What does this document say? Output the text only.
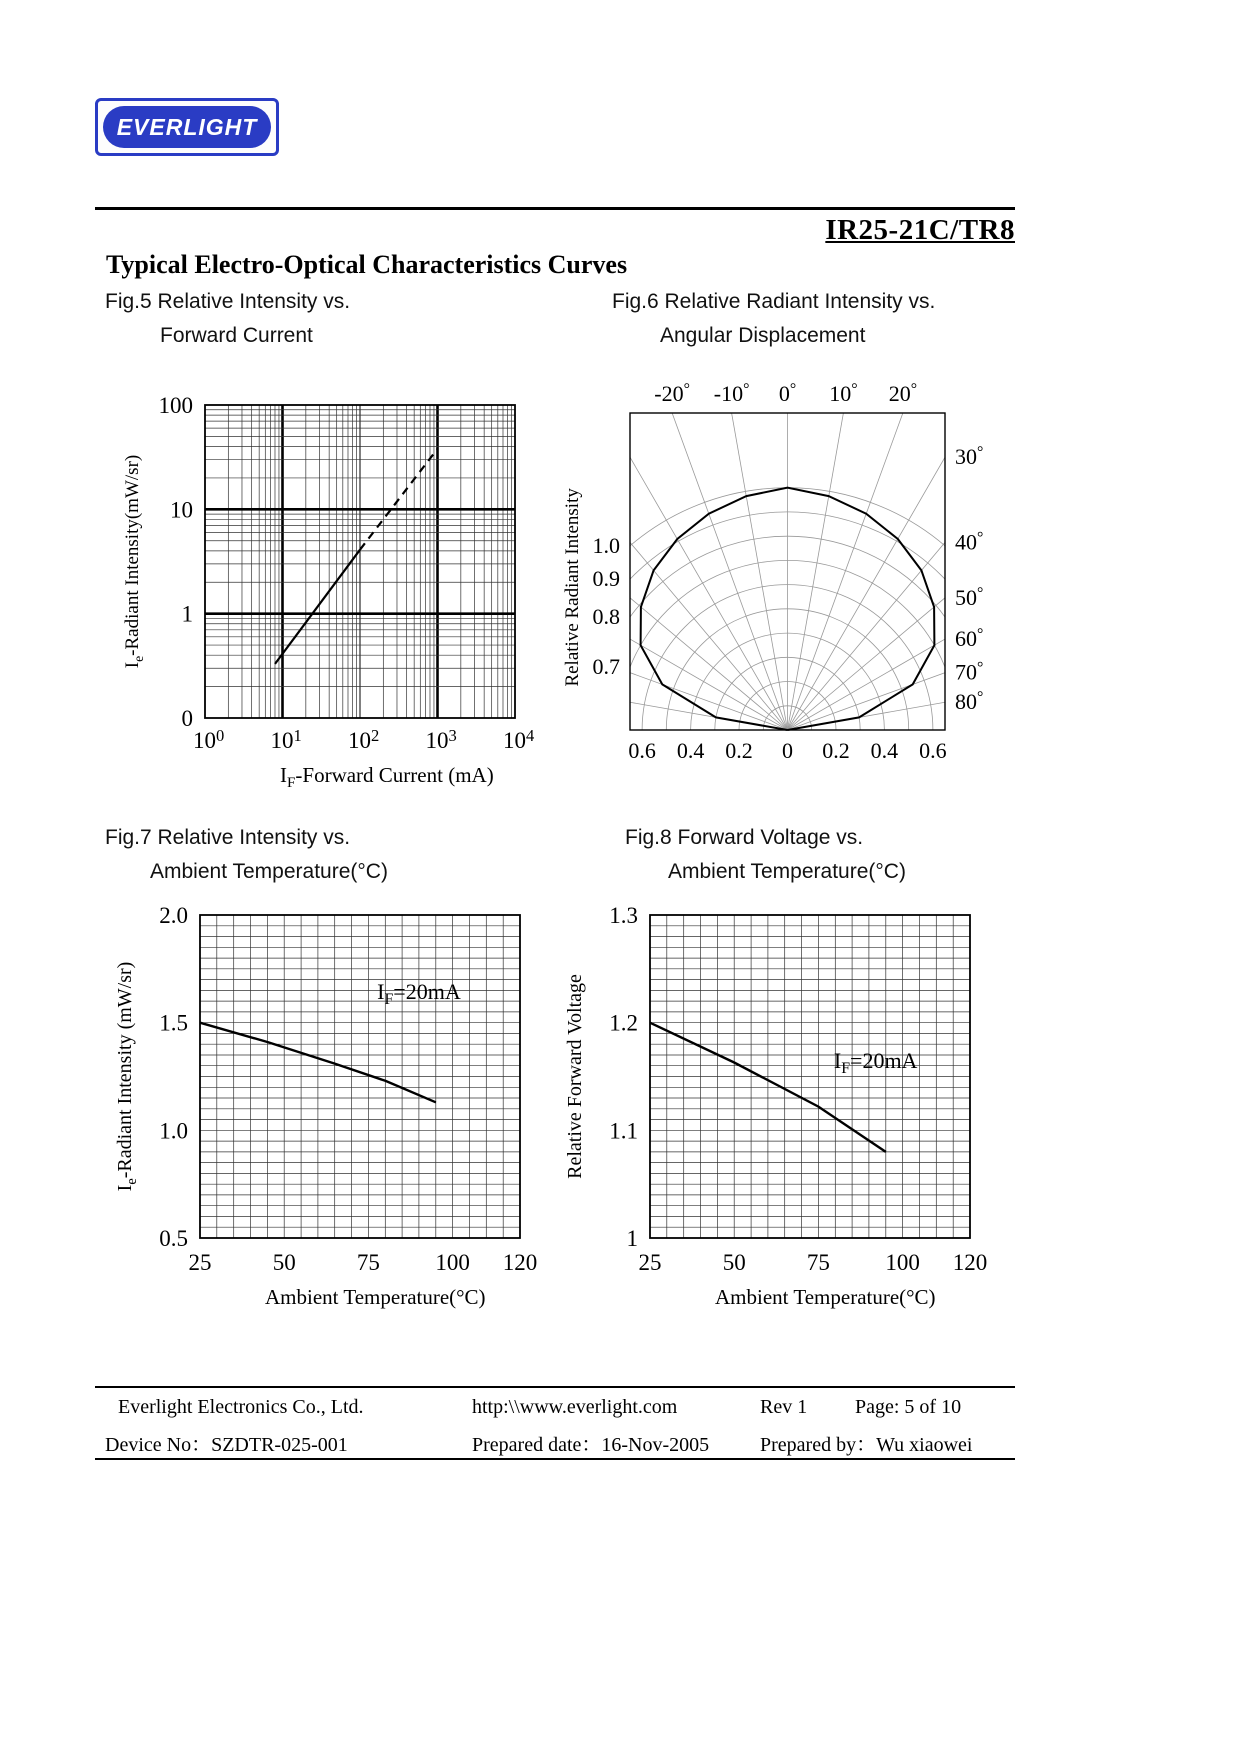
EVERLIGHT
IR25-21C/TR8
Typical Electro-Optical Characteristics Curves
Fig.5 Relative Intensity vs.
Forward Current
Fig.6 Relative Radiant Intensity vs.
Angular Displacement
100
10
1
0
$10^0$ $10^1$ $10^2$ $10^3$ $10^4$
$I_e$-Radiant Intensity(mW/sr)
$I_F$-Forward Current (mA)
-20° -10° 0° 10° 20°
30°
40°
50°
60°
70°
80°
1.0
0.9
0.8
0.7
0.6 0.4 0.2 0 0.2 0.4 0.6
Relative Radiant Intensity
Fig.7 Relative Intensity vs.
Ambient Temperature(°C)
Fig.8 Forward Voltage vs.
Ambient Temperature(°C)
2.0
1.5
1.0
0.5
25	50	75 100 120
$I_F=20mA$
$I_e$-Radiant Intensity (mW/sr)
Ambient Temperature(°C)
1.3
1.2
1.1
1
25	50	75 100 120
$I_F=20mA$
Relative Forward Voltage
Ambient Temperature(°C)
Everlight Electronics Co., Ltd.	http:\\www.everlight.com	Rev 1 Page: 5 of 10
Device No：SZDTR-025-001	Prepared date：16-Nov-2005	Prepared by：Wu xiaowei
